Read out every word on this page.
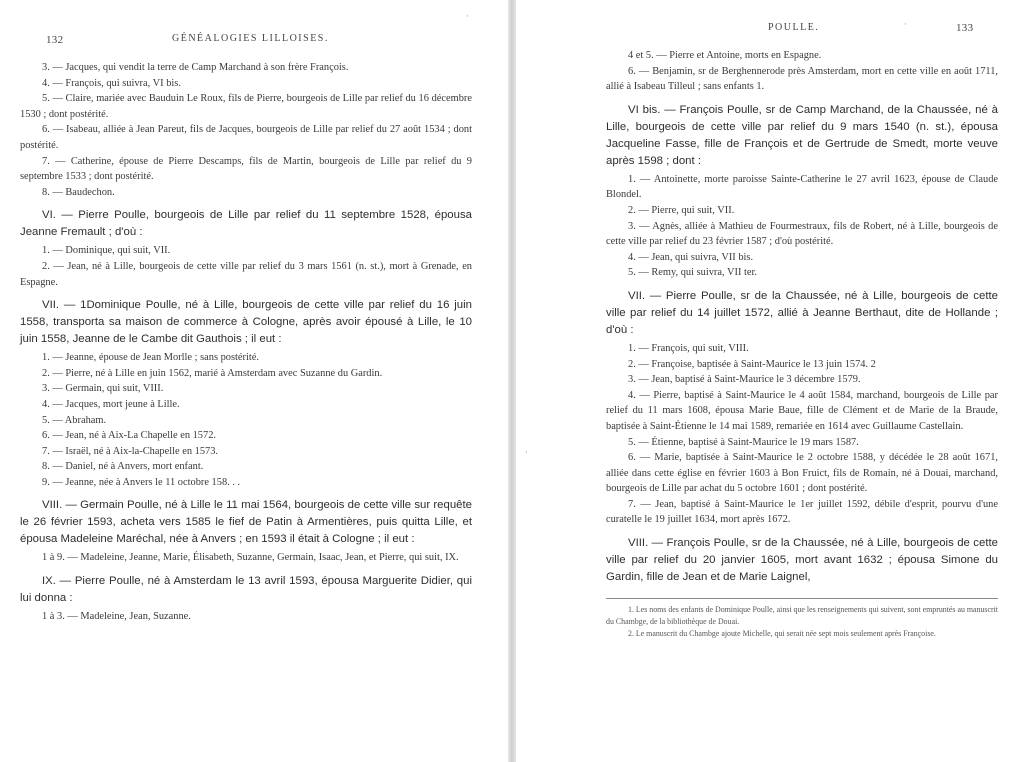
132	GÉNÉALOGIES LILLOISES.

3. — Jacques, qui vendit la terre de Camp Marchand à son frère François.

4. — François, qui suivra, VI bis.

5. — Claire, mariée avec Bauduin Le Roux, fils de Pierre, bourgeois de Lille par relief du 16 décembre 1530 ; dont postérité.

6. — Isabeau, alliée à Jean Pareut, fils de Jacques, bourgeois de Lille par relief du 27 août 1534 ; dont postérité.

7. — Catherine, épouse de Pierre Descamps, fils de Martin, bourgeois de Lille par relief du 9 septembre 1533 ; dont postérité.

8. — Baudechon.

VI. — Pierre Poulle, bourgeois de Lille par relief du 11 septembre 1528, épousa Jeanne Fremault ; d'où :

1. — Dominique, qui suit, VII.

2. — Jean, né à Lille, bourgeois de cette ville par relief du 3 mars 1561 (n. st.), mort à Grenade, en Espagne.

VII. — 1Dominique Poulle, né à Lille, bourgeois de cette ville par relief du 16 juin 1558, transporta sa maison de commerce à Cologne, après avoir épousé à Lille, le 10 juin 1558, Jeanne de le Cambe dit Gauthois ; il eut :

1. — Jeanne, épouse de Jean Morlle ; sans postérité.

2. — Pierre, né à Lille en juin 1562, marié à Amsterdam avec Suzanne du Gardin.

3. — Germain, qui suit, VIII.

4. — Jacques, mort jeune à Lille.

5. — Abraham.

6. — Jean, né à Aix-La Chapelle en 1572.

7. — Israël, né à Aix-la-Chapelle en 1573.

8. — Daniel, né à Anvers, mort enfant.

9. — Jeanne, née à Anvers le 11 octobre 158. . .

VIII. — Germain Poulle, né à Lille le 11 mai 1564, bourgeois de cette ville sur requête le 26 février 1593, acheta vers 1585 le fief de Patin à Armentières, puis quitta Lille, et épousa Madeleine Maréchal, née à Anvers ; en 1593 il était à Cologne ; il eut :

1 à 9. — Madeleine, Jeanne, Marie, Élisabeth, Suzanne, Germain, Isaac, Jean, et Pierre, qui suit, IX.

IX. — Pierre Poulle, né à Amsterdam le 13 avril 1593, épousa Marguerite Didier, qui lui donna :

1 à 3. — Madeleine, Jean, Suzanne.

·
·
POULLE.	·	133

4 et 5. — Pierre et Antoine, morts en Espagne.

6. — Benjamin, sr de Berghennerode près Amsterdam, mort en cette ville en août 1711, allié à Isabeau Tilleul ; sans enfants 1.

VI bis. — François Poulle, sr de Camp Marchand, de la Chaussée, né à Lille, bourgeois de cette ville par relief du 9 mars 1540 (n. st.), épousa Jacqueline Fasse, fille de François et de Gertrude de Smedt, morte veuve après 1598 ; dont :

1. — Antoinette, morte paroisse Sainte-Catherine le 27 avril 1623, épouse de Claude Blondel.

2. — Pierre, qui suit, VII.

3. — Agnès, alliée à Mathieu de Fourmestraux, fils de Robert, né à Lille, bourgeois de cette ville par relief du 23 février 1587 ; d'où postérité.

4. — Jean, qui suivra, VII bis.

5. — Remy, qui suivra, VII ter.

VII. — Pierre Poulle, sr de la Chaussée, né à Lille, bourgeois de cette ville par relief du 14 juillet 1572, allié à Jeanne Berthaut, dite de Hollande ; d'où :

1. — François, qui suit, VIII.

2. — Françoise, baptisée à Saint-Maurice le 13 juin 1574. 2

3. — Jean, baptisé à Saint-Maurice le 3 décembre 1579.

4. — Pierre, baptisé à Saint-Maurice le 4 août 1584, marchand, bourgeois de Lille par relief du 11 mars 1608, épousa Marie Baue, fille de Clément et de Marie de la Braude, baptisée à Saint-Étienne le 14 mai 1589, remariée en 1614 avec Guillaume Castellain.

5. — Étienne, baptisé à Saint-Maurice le 19 mars 1587.

6. — Marie, baptisée à Saint-Maurice le 2 octobre 1588, y décédée le 28 août 1671, alliée dans cette église en février 1603 à Bon Fruict, fils de Romain, né à Douai, marchand, bourgeois de Lille par achat du 5 octobre 1601 ; dont postérité.

7. — Jean, baptisé à Saint-Maurice le 1er juillet 1592, débile d'esprit, pourvu d'une curatelle le 19 juillet 1634, mort après 1672.

VIII. — François Poulle, sr de la Chaussée, né à Lille, bourgeois de cette ville par relief du 20 janvier 1605, mort avant 1632 ; épousa Simone du Gardin, fille de Jean et de Marie Laignel,

1. Les noms des enfants de Dominique Poulle, ainsi que les renseignements qui suivent, sont empruntés au manuscrit du Chambge, de la bibliothèque de Douai.

2. Le manuscrit du Chambge ajoute Michelle, qui serait née sept mois seulement après Françoise.
